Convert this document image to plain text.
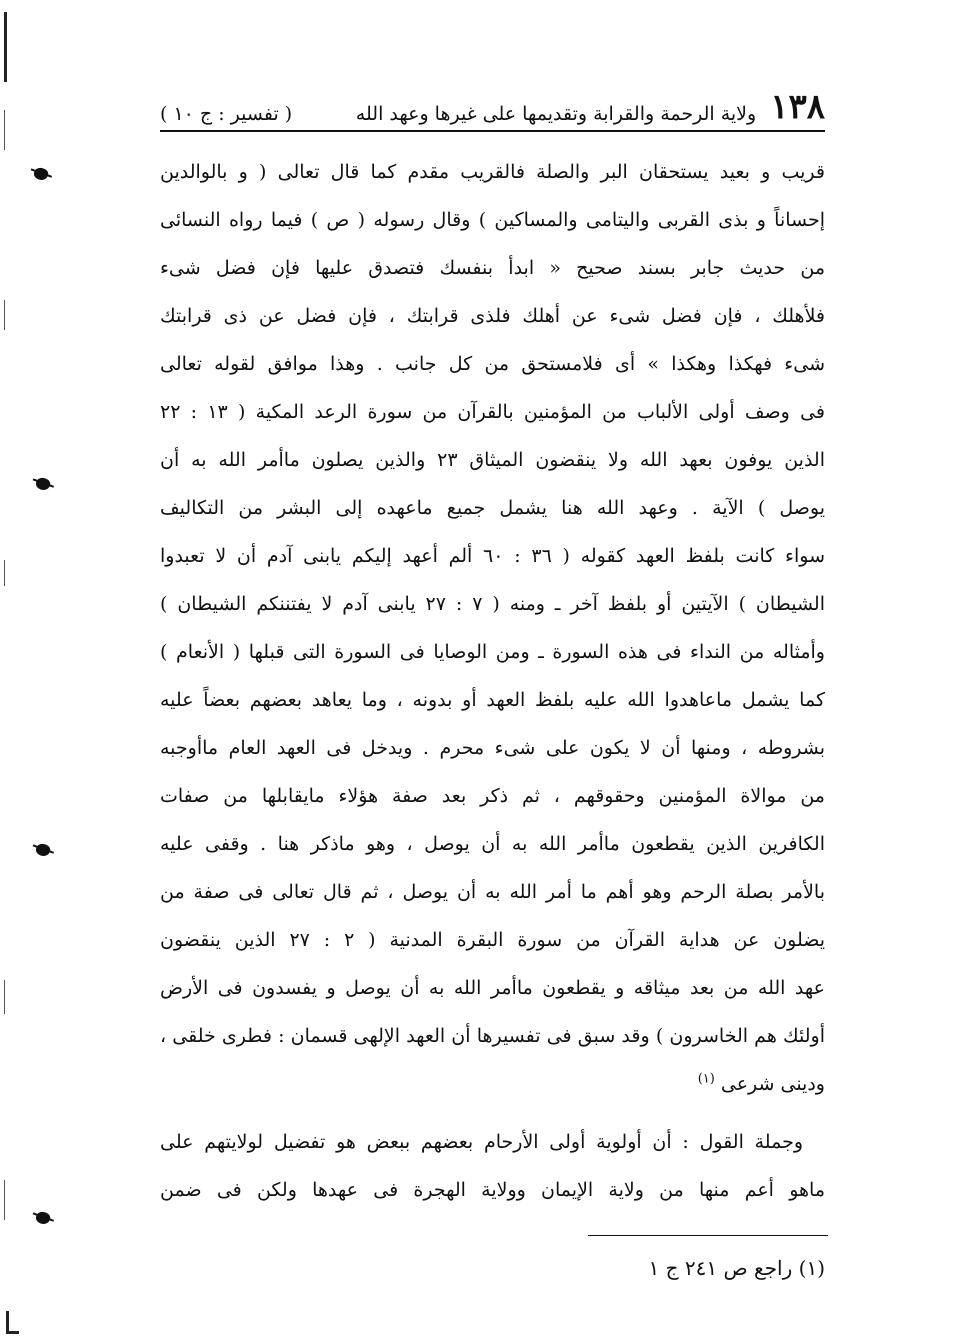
١٣٨
ولاية الرحمة والقرابة وتقديمها على غيرها وعهد الله
( تفسير : ج ١٠ )
قريب و بعيد يستحقان البر والصلة فالقريب مقدم كما قال تعالى ( و بالوالدين
إحساناً و بذى القربى واليتامى والمساكين ) وقال رسوله ( ص ) فيما رواه النسائى
من حديث جابر بسند صحيح « ابدأ بنفسك فتصدق عليها فإن فضل شىء
فلأهلك ، فإن فضل شىء عن أهلك فلذى قرابتك ، فإن فضل عن ذى قرابتك
شىء فهكذا وهكذا » أى فلامستحق من كل جانب . وهذا موافق لقوله تعالى
فى وصف أولى الألباب من المؤمنين بالقرآن من سورة الرعد المكية ( ١٣ : ٢٢
الذين يوفون بعهد الله ولا ينقضون الميثاق ٢٣ والذين يصلون ماأمر الله به أن
يوصل ) الآية . وعهد الله هنا يشمل جميع ماعهده إلى البشر من التكاليف
سواء كانت بلفظ العهد كقوله ( ٣٦ : ٦٠ ألم أعهد إليكم يابنى آدم أن لا تعبدوا
الشيطان ) الآيتين أو بلفظ آخر ـ ومنه ( ٧ : ٢٧ يابنى آدم لا يفتننكم الشيطان )
وأمثاله من النداء فى هذه السورة ـ ومن الوصايا فى السورة التى قبلها ( الأنعام )
كما يشمل ماعاهدوا الله عليه بلفظ العهد أو بدونه ، وما يعاهد بعضهم بعضاً عليه
بشروطه ، ومنها أن لا يكون على شىء محرم . ويدخل فى العهد العام ماأوجبه
من موالاة المؤمنين وحقوقهم ، ثم ذكر بعد صفة هؤلاء مايقابلها من صفات
الكافرين الذين يقطعون ماأمر الله به أن يوصل ، وهو ماذكر هنا . وقفى عليه
بالأمر بصلة الرحم وهو أهم ما أمر الله به أن يوصل ، ثم قال تعالى فى صفة من
يضلون عن هداية القرآن من سورة البقرة المدنية ( ٢ : ٢٧ الذين ينقضون
عهد الله من بعد ميثاقه و يقطعون ماأمر الله به أن يوصل و يفسدون فى الأرض
أولئك هم الخاسرون ) وقد سبق فى تفسيرها أن العهد الإلهى قسمان : فطرى خلقى ،
ودينى شرعى $^{(١)}$
وجملة القول : أن أولوية أولى الأرحام بعضهم ببعض هو تفضيل لولايتهم على
ماهو أعم منها من ولاية الإيمان وولاية الهجرة فى عهدها ولكن فى ضمن
(١) راجع ص ٢٤١ ج ١
